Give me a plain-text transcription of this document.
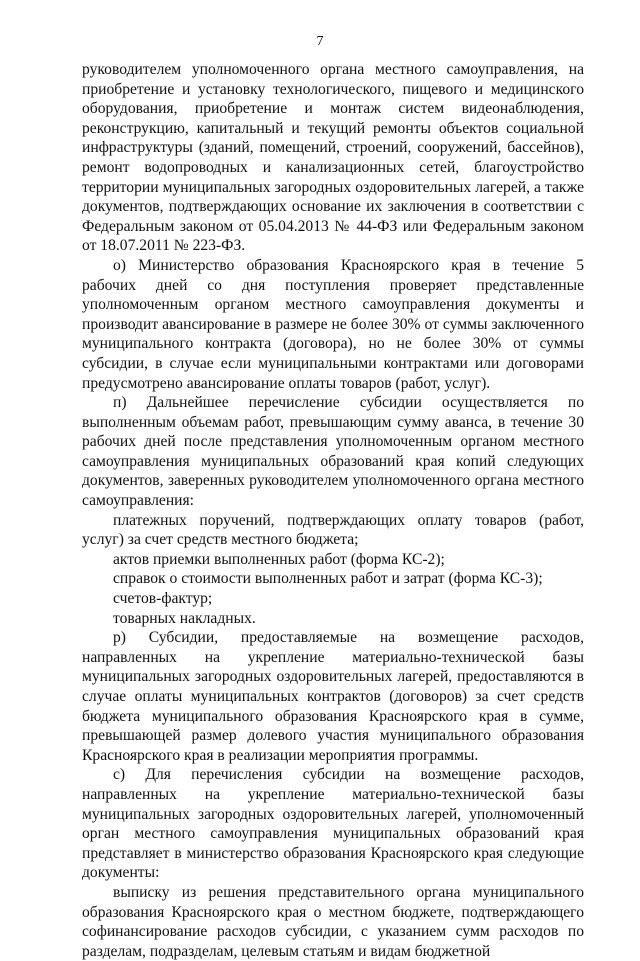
7

руководителем уполномоченного органа местного самоуправления, на приобретение и установку технологического, пищевого и медицинского оборудования, приобретение и монтаж систем видеонаблюдения, реконструкцию, капитальный и текущий ремонты объектов социальной инфраструктуры (зданий, помещений, строений, сооружений, бассейнов), ремонт водопроводных и канализационных сетей, благоустройство территории муниципальных загородных оздоровительных лагерей, а также документов, подтверждающих основание их заключения в соответствии с Федеральным законом от 05.04.2013 № 44-ФЗ или Федеральным законом от 18.07.2011 № 223-ФЗ.

о) Министерство образования Красноярского края в течение 5 рабочих дней со дня поступления проверяет представленные уполномоченным органом местного самоуправления документы и производит авансирование в размере не более 30% от суммы заключенного муниципального контракта (договора), но не более 30% от суммы субсидии, в случае если муниципальными контрактами или договорами предусмотрено авансирование оплаты товаров (работ, услуг).

п) Дальнейшее перечисление субсидии осуществляется по выполненным объемам работ, превышающим сумму аванса, в течение 30 рабочих дней после представления уполномоченным органом местного самоуправления муниципальных образований края копий следующих документов, заверенных руководителем уполномоченного органа местного самоуправления:

платежных поручений, подтверждающих оплату товаров (работ, услуг) за счет средств местного бюджета;

актов приемки выполненных работ (форма КС-2);

справок о стоимости выполненных работ и затрат (форма КС-3);

счетов-фактур;

товарных накладных.

р) Субсидии, предоставляемые на возмещение расходов, направленных на укрепление материально-технической базы муниципальных загородных оздоровительных лагерей, предоставляются в случае оплаты муниципальных контрактов (договоров) за счет средств бюджета муниципального образования Красноярского края в сумме, превышающей размер долевого участия муниципального образования Красноярского края в реализации мероприятия программы.

с) Для перечисления субсидии на возмещение расходов, направленных на укрепление материально-технической базы муниципальных загородных оздоровительных лагерей, уполномоченный орган местного самоуправления муниципальных образований края представляет в министерство образования Красноярского края следующие документы:

выписку из решения представительного органа муниципального образования Красноярского края о местном бюджете, подтверждающего софинансирование расходов субсидии, с указанием сумм расходов по разделам, подразделам, целевым статьям и видам бюджетной
